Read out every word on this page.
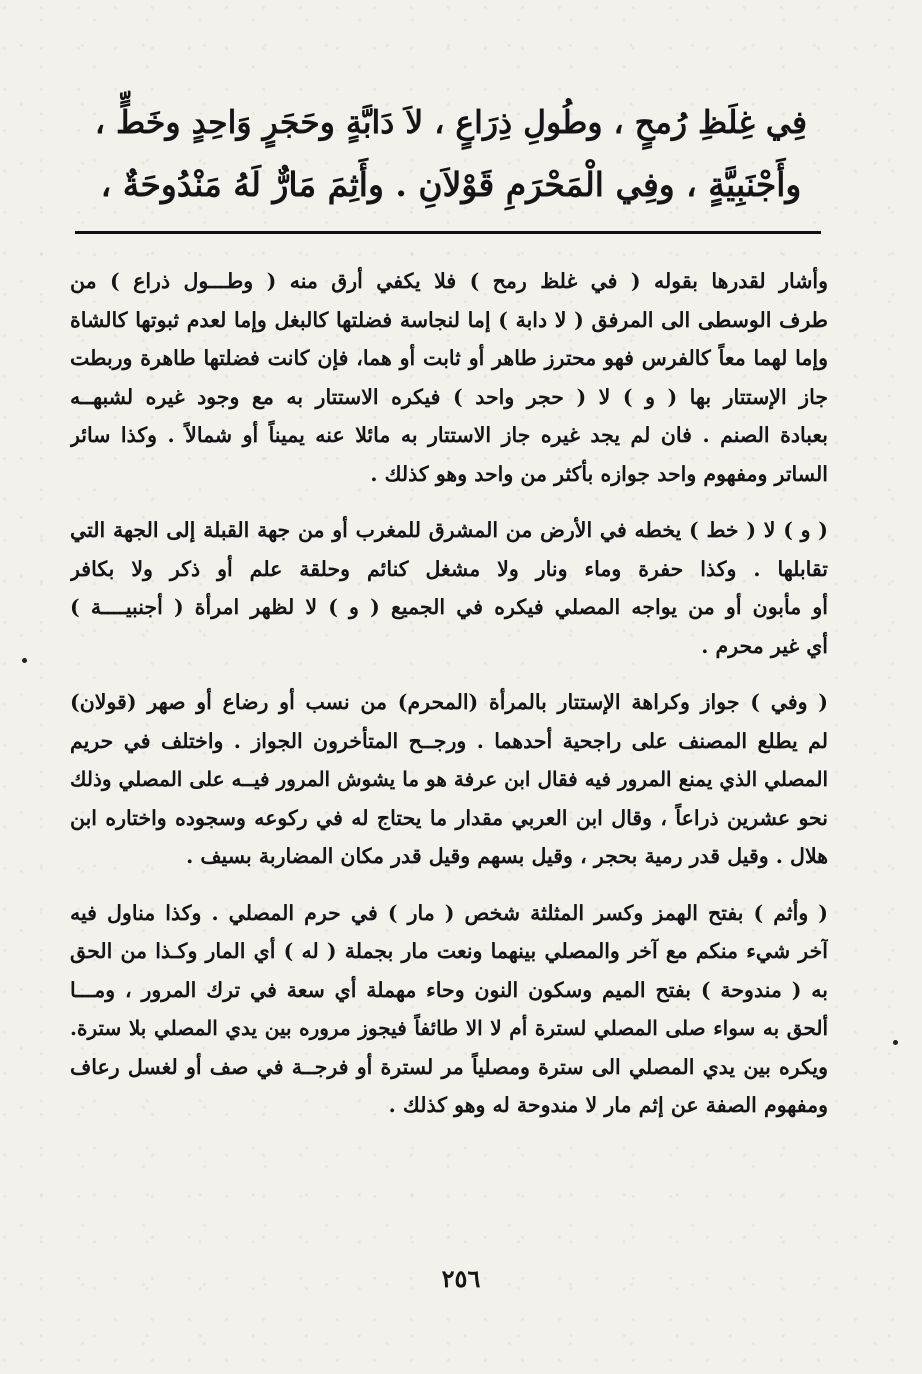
فِي غِلَظِ رُمحٍ ، وطُولِ ذِرَاعٍ ، لاَ دَابَّةٍ وحَجَرٍ وَاحِدٍ وخَطٍّ ،
وأَجْنَبِيَّةٍ ، وفِي الْمَحْرَمِ قَوْلاَنِ . وأَثِمَ مَارٌّ لَهُ مَنْدُوحَةٌ ،
وأشار لقدرها بقوله ( في غلظ رمح ) فلا يكفي أرق منه ( وطـــول ذراع ) من
طرف الوسطى الى المرفق ( لا دابة ) إما لنجاسة فضلتها كالبغل وإما لعدم ثبوتها كالشاة
وإما لهما معاً كالفرس فهو محترز طاهر أو ثابت أو هما، فإن كانت فضلتها طاهرة وربطت
جاز الإستتار بها ( و ) لا ( حجر واحد ) فيكره الاستتار به مع وجود غيره لشبهــه
بعبادة الصنم . فان لم يجد غيره جاز الاستتار به مائلا عنه يميناً أو شمالاً . وكذا سائر
الساتر ومفهوم واحد جوازه بأكثر من واحد وهو كذلك .
( و ) لا ( خط ) يخطه في الأرض من المشرق للمغرب أو من جهة القبلة إلى الجهة التي
تقابلها . وكذا حفرة وماء ونار ولا مشغل كنائم وحلقة علم أو ذكر ولا بكافر
أو مأبون أو من يواجه المصلي فيكره في الجميع ( و ) لا لظهر امرأة ( أجنبيــــة )
أي غير محرم .
( وفي ) جواز وكراهة الإستتار بالمرأة (المحرم) من نسب أو رضاع أو صهر (قولان)
لم يطلع المصنف على راجحية أحدهما . ورجــح المتأخرون الجواز . واختلف في حريم
المصلي الذي يمنع المرور فيه فقال ابن عرفة هو ما يشوش المرور فيــه على المصلي وذلك
نحو عشرين ذراعاً ، وقال ابن العربي مقدار ما يحتاج له في ركوعه وسجوده واختاره ابن
هلال . وقيل قدر رمية بحجر ، وقيل بسهم وقيل قدر مكان المضاربة بسيف .
( وأثم ) بفتح الهمز وكسر المثلثة شخص ( مار ) في حرم المصلي . وكذا مناول فيه
آخر شيء منكم مع آخر والمصلي بينهما ونعت مار بجملة ( له ) أي المار وكـذا من الحق
به ( مندوحة ) بفتح الميم وسكون النون وحاء مهملة أي سعة في ترك المرور ، ومـــا
ألحق به سواء صلى المصلي لسترة أم لا الا طائفاً فيجوز مروره بين يدي المصلي بلا سترة.
ويكره بين يدي المصلي الى سترة ومصلياً مر لسترة أو فرجــة في صف أو لغسل رعاف
ومفهوم الصفة عن إثم مار لا مندوحة له وهو كذلك .
٢٥٦
